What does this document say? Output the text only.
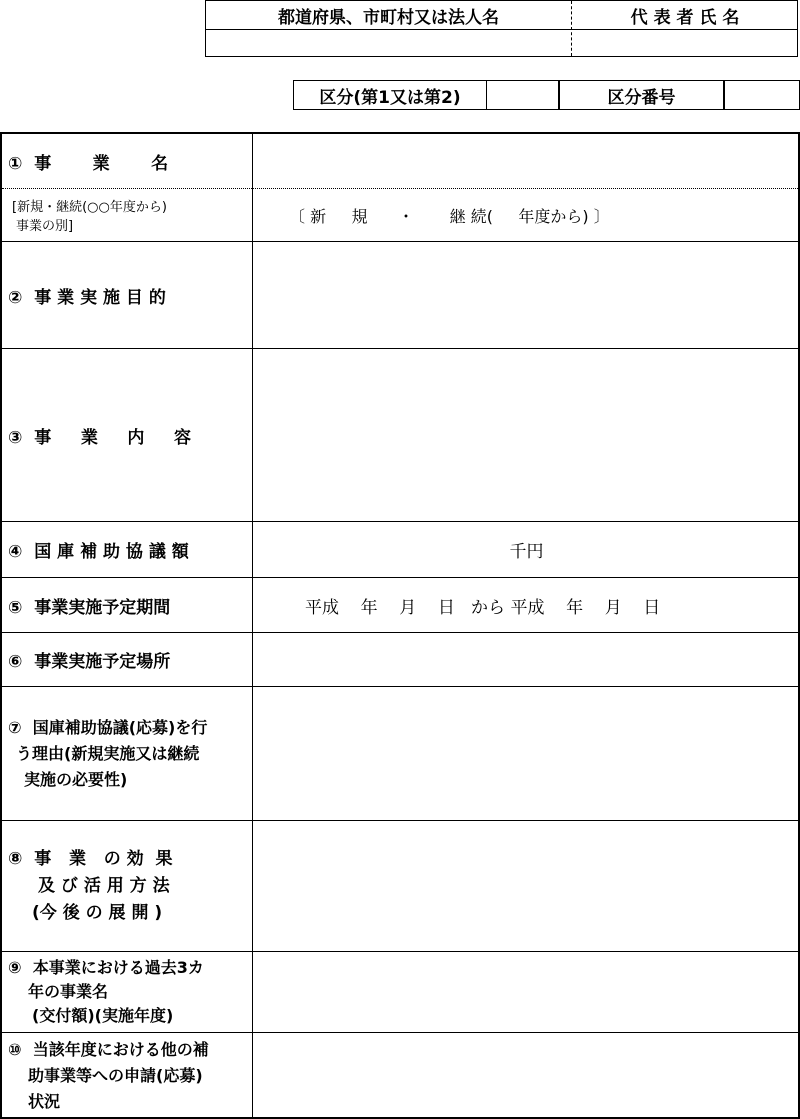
都道府県、市町村又は法人名	代 表 者 氏 名
区分(第1又は第2)	区分番号
①  事       業       名
[新規・継続(○○年度から)
事業の別]
〔 新     規      ・       継 続(     年度から) 〕
②  事 業 実 施 目 的
③  事     業     内     容
④  国 庫 補 助 協 議 額	千円
⑤  事業実施予定期間	平成    年    月    日   から 平成    年    月    日
⑥  事業実施予定場所
⑦  国庫補助協議(応募)を行
う理由(新規実施又は継続
実施の必要性)
⑧  事   業   の 効  果
及 び 活 用 方 法
(今 後 の 展 開 )
⑨  本事業における過去3カ
年の事業名
(交付額)(実施年度)
⑩  当該年度における他の補
助事業等への申請(応募)
状況
